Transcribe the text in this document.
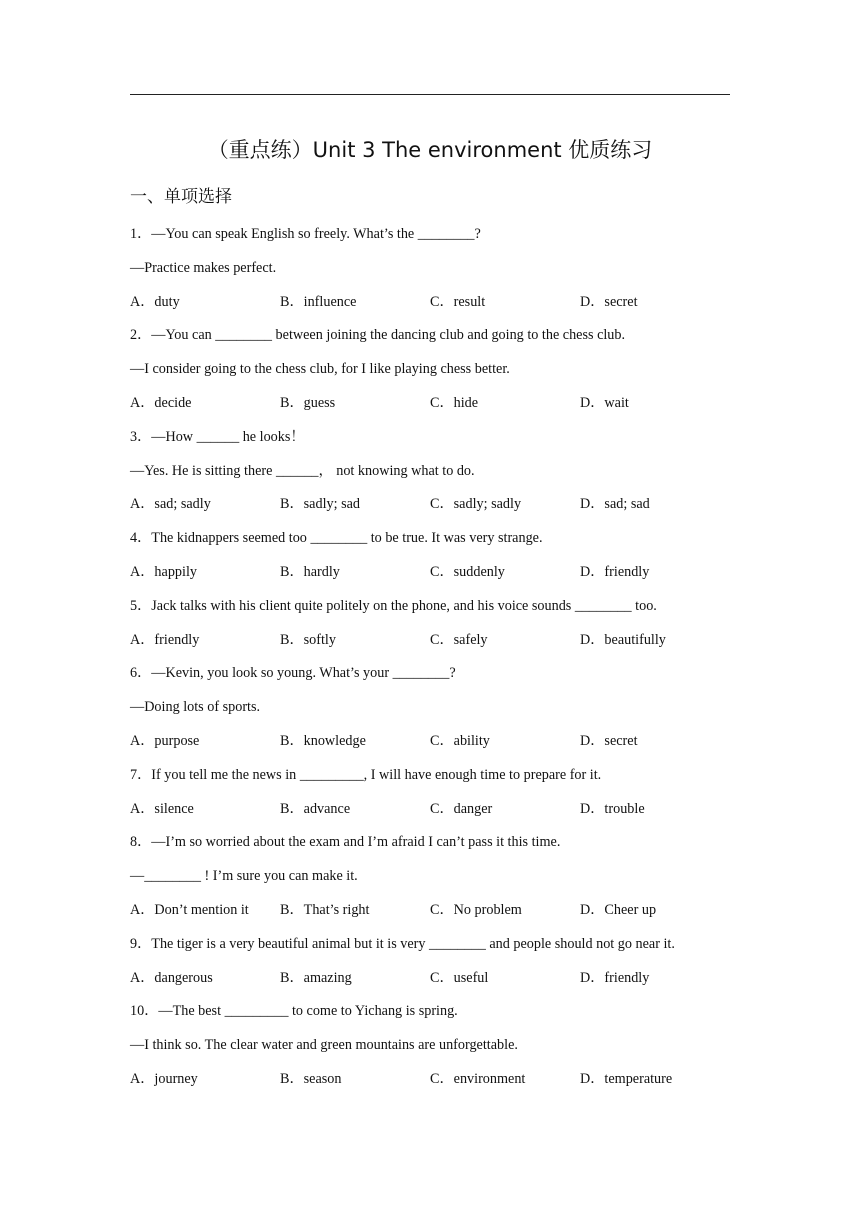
（重点练）Unit 3 The environment 优质练习
一、单项选择
1．—You can speak English so freely. What’s the ________?
—Practice makes perfect.
A．duty	B．influence	C．result	D．secret
2．—You can ________ between joining the dancing club and going to the chess club.
—I consider going to the chess club, for I like playing chess better.
A．decide	B．guess	C．hide	D．wait
3．—How ______ he looks！
—Yes. He is sitting there ______， not knowing what to do.
A．sad; sadly	B．sadly; sad	C．sadly; sadly	D．sad; sad
4．The kidnappers seemed too ________ to be true. It was very strange.
A．happily	B．hardly	C．suddenly	D．friendly
5．Jack talks with his client quite politely on the phone, and his voice sounds ________ too.
A．friendly	B．softly	C．safely	D．beautifully
6．—Kevin, you look so young. What’s your ________?
—Doing lots of sports.
A．purpose	B．knowledge	C．ability	D．secret
7．If you tell me the news in _________, I will have enough time to prepare for it.
A．silence	B．advance	C．danger	D．trouble
8．—I’m so worried about the exam and I’m afraid I can’t pass it this time.
—________ ! I’m sure you can make it.
A．Don’t mention it	B．That’s right	C．No problem	D．Cheer up
9．The tiger is a very beautiful animal but it is very ________ and people should not go near it.
A．dangerous	B．amazing	C．useful	D．friendly
10．—The best _________ to come to Yichang is spring.
—I think so. The clear water and green mountains are unforgettable.
A．journey	B．season	C．environment	D．temperature
